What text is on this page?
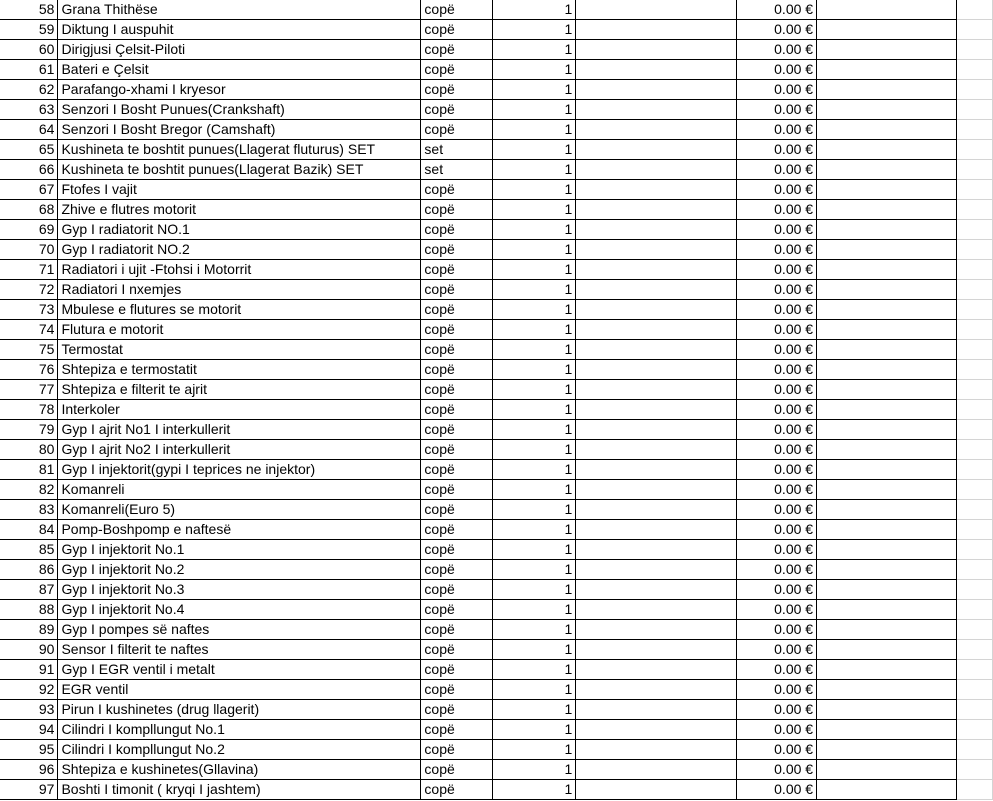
58	Grana Thithëse	copë	1		0.00 €		
59	Diktung I auspuhit	copë	1		0.00 €		
60	Dirigjusi Çelsit-Piloti	copë	1		0.00 €		
61	Bateri e Çelsit	copë	1		0.00 €		
62	Parafango-xhami I kryesor	copë	1		0.00 €		
63	Senzori I Bosht Punues(Crankshaft)	copë	1		0.00 €		
64	Senzori I Bosht Bregor (Camshaft)	copë	1		0.00 €		
65	Kushineta te boshtit punues(Llagerat fluturus) SET	set	1		0.00 €		
66	Kushineta te boshtit punues(Llagerat Bazik) SET	set	1		0.00 €		
67	Ftofes I vajit	copë	1		0.00 €		
68	Zhive e flutres motorit	copë	1		0.00 €		
69	Gyp I radiatorit NO.1	copë	1		0.00 €		
70	Gyp I radiatorit NO.2	copë	1		0.00 €		
71	Radiatori i ujit -Ftohsi i Motorrit	copë	1		0.00 €		
72	Radiatori I nxemjes	copë	1		0.00 €		
73	Mbulese e flutures se motorit	copë	1		0.00 €		
74	Flutura e motorit	copë	1		0.00 €		
75	Termostat	copë	1		0.00 €		
76	Shtepiza e termostatit	copë	1		0.00 €		
77	Shtepiza e filterit te ajrit	copë	1		0.00 €		
78	Interkoler	copë	1		0.00 €		
79	Gyp I ajrit No1 I interkullerit	copë	1		0.00 €		
80	Gyp I ajrit No2 I interkullerit	copë	1		0.00 €		
81	Gyp I injektorit(gypi I teprices ne injektor)	copë	1		0.00 €		
82	Komanreli	copë	1		0.00 €		
83	Komanreli(Euro 5)	copë	1		0.00 €		
84	Pomp-Boshpomp e naftesë	copë	1		0.00 €		
85	Gyp I injektorit No.1	copë	1		0.00 €		
86	Gyp I injektorit No.2	copë	1		0.00 €		
87	Gyp I injektorit No.3	copë	1		0.00 €		
88	Gyp I injektorit No.4	copë	1		0.00 €		
89	Gyp I pompes së naftes	copë	1		0.00 €		
90	Sensor I filterit te naftes	copë	1		0.00 €		
91	Gyp I EGR ventil i metalt	copë	1		0.00 €		
92	EGR ventil	copë	1		0.00 €		
93	Pirun I kushinetes (drug llagerit)	copë	1		0.00 €		
94	Cilindri I kompllungut No.1	copë	1		0.00 €		
95	Cilindri I kompllungut No.2	copë	1		0.00 €		
96	Shtepiza e kushinetes(Gllavina)	copë	1		0.00 €		
97	Boshti I timonit ( kryqi I jashtem)	copë	1		0.00 €		
